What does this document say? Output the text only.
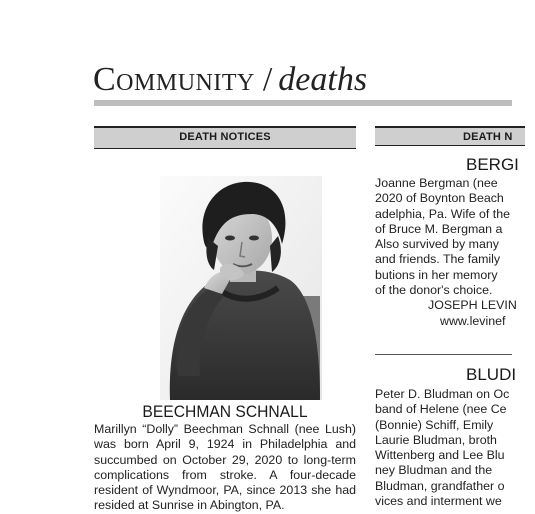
Community / deaths
DEATH NOTICES	DEATH N
BEECHMAN SCHNALL

Marillyn “Dolly” Beechman Schnall (nee Lush) was born April 9, 1924 in Philadelphia and succumbed on October 29, 2020 to long-term complications from stroke. A four-decade resident of Wyndmoor, PA, since 2013 she had resided at Sunrise in Abington, PA.

BERGI

Joanne Bergman (nee
2020 of Boynton Beach
adelphia, Pa. Wife of the
of Bruce M. Bergman a
Also survived by many
and friends. The family
butions in her memory
of the donor's choice.
JOSEPH LEVIN
www.levinef

BLUDI

Peter D. Bludman on Oc
band of Helene (nee Ce
(Bonnie) Schiff, Emily
Laurie Bludman, broth
Wittenberg and Lee Blu
ney Bludman and the
Bludman, grandfather o
vices and interment we
